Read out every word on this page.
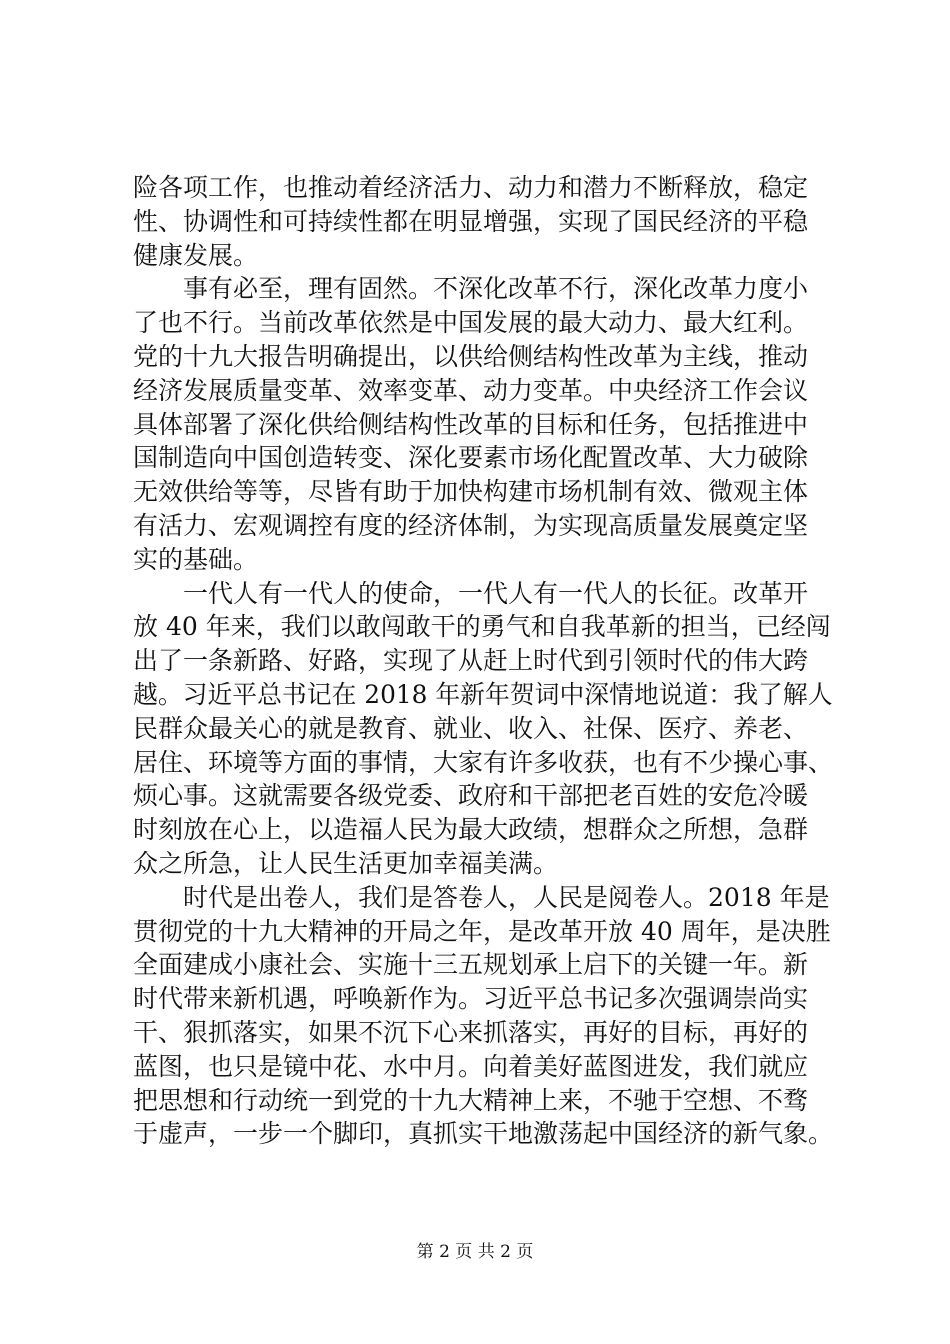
险各项工作，也推动着经济活力、动力和潜力不断释放，稳定
性、协调性和可持续性都在明显增强，实现了国民经济的平稳
健康发展。
　　事有必至，理有固然。不深化改革不行，深化改革力度小
了也不行。当前改革依然是中国发展的最大动力、最大红利。
党的十九大报告明确提出，以供给侧结构性改革为主线，推动
经济发展质量变革、效率变革、动力变革。中央经济工作会议
具体部署了深化供给侧结构性改革的目标和任务，包括推进中
国制造向中国创造转变、深化要素市场化配置改革、大力破除
无效供给等等，尽皆有助于加快构建市场机制有效、微观主体
有活力、宏观调控有度的经济体制，为实现高质量发展奠定坚
实的基础。
　　一代人有一代人的使命，一代人有一代人的长征。改革开
放 40 年来，我们以敢闯敢干的勇气和自我革新的担当，已经闯
出了一条新路、好路，实现了从赶上时代到引领时代的伟大跨
越。习近平总书记在 2018 年新年贺词中深情地说道：我了解人
民群众最关心的就是教育、就业、收入、社保、医疗、养老、
居住、环境等方面的事情，大家有许多收获，也有不少操心事、
烦心事。这就需要各级党委、政府和干部把老百姓的安危冷暖
时刻放在心上，以造福人民为最大政绩，想群众之所想，急群
众之所急，让人民生活更加幸福美满。
　　时代是出卷人，我们是答卷人，人民是阅卷人。2018 年是
贯彻党的十九大精神的开局之年，是改革开放 40 周年，是决胜
全面建成小康社会、实施十三五规划承上启下的关键一年。新
时代带来新机遇，呼唤新作为。习近平总书记多次强调崇尚实
干、狠抓落实，如果不沉下心来抓落实，再好的目标，再好的
蓝图，也只是镜中花、水中月。向着美好蓝图进发，我们就应
把思想和行动统一到党的十九大精神上来，不驰于空想、不骛
于虚声，一步一个脚印，真抓实干地激荡起中国经济的新气象。
第 2 页 共 2 页
